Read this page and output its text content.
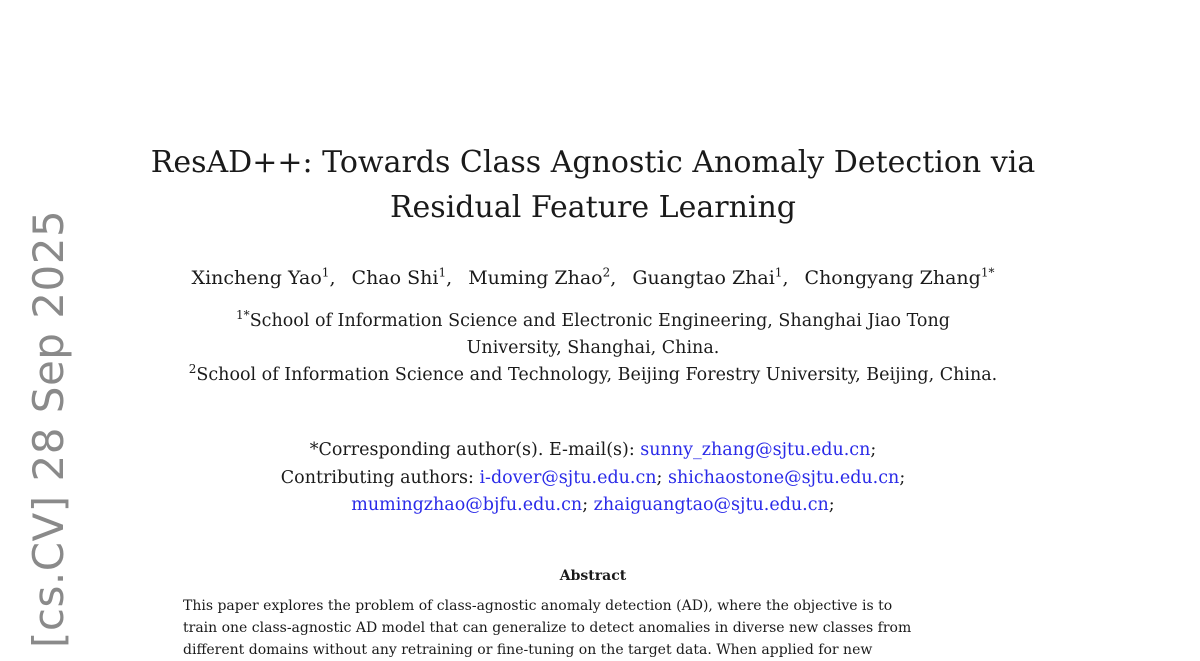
[cs.CV] 28 Sep 2025
ResAD++: Towards Class Agnostic Anomaly Detection via
Residual Feature Learning
Xincheng Yao$^1$, Chao Shi$^1$, Muming Zhao$^2$, Guangtao Zhai$^1$, Chongyang Zhang$^{1*}$
$^{1*}$School of Information Science and Electronic Engineering, Shanghai Jiao Tong
University, Shanghai, China.
$^2$School of Information Science and Technology, Beijing Forestry University, Beijing, China.
*Corresponding author(s). E-mail(s): sunny_zhang@sjtu.edu.cn;
Contributing authors: i-dover@sjtu.edu.cn; shichaostone@sjtu.edu.cn;
mumingzhao@bjfu.edu.cn; zhaiguangtao@sjtu.edu.cn;
Abstract
This paper explores the problem of class-agnostic anomaly detection (AD), where the objective is to
train one class-agnostic AD model that can generalize to detect anomalies in diverse new classes from
different domains without any retraining or fine-tuning on the target data. When applied for new
